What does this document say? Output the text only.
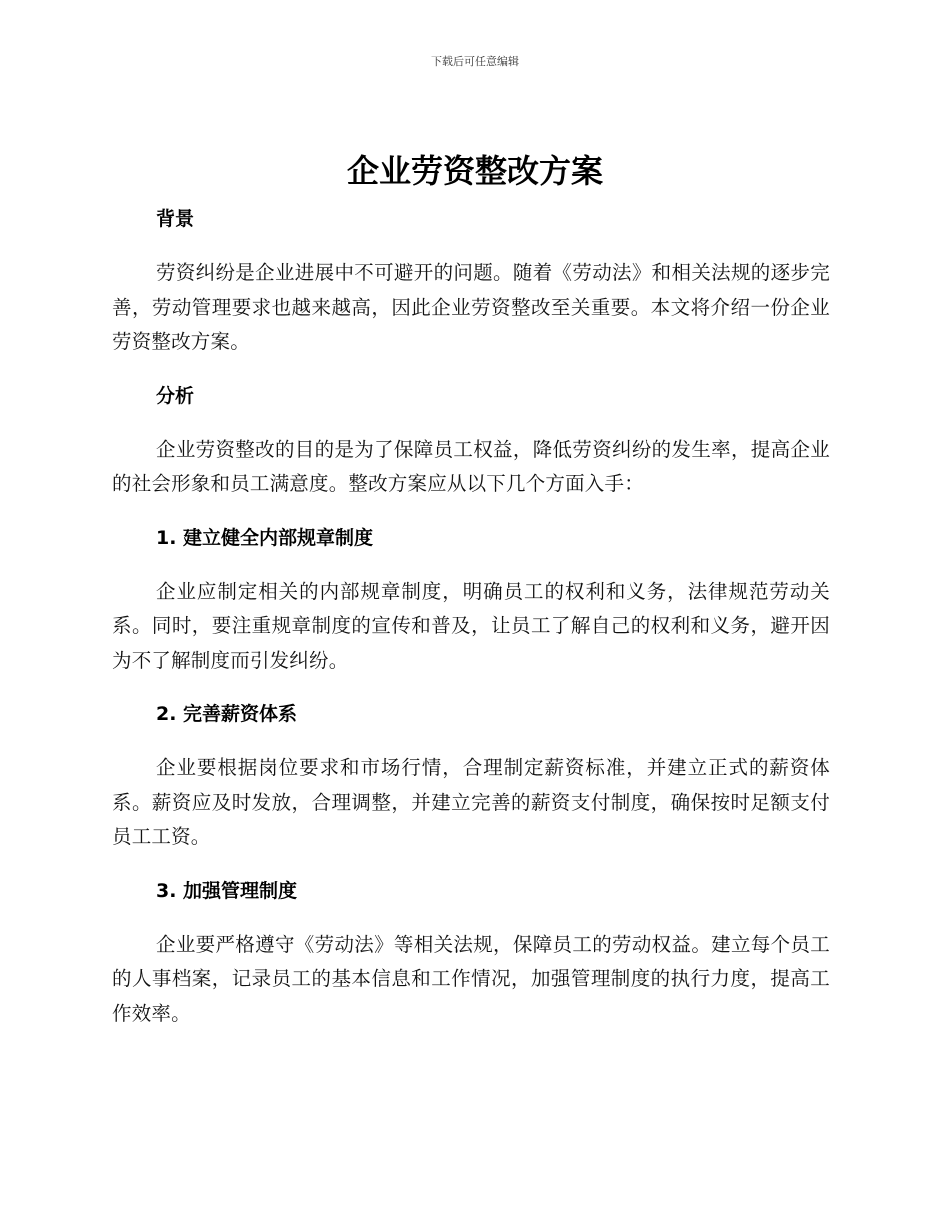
下载后可任意编辑
企业劳资整改方案
背景

劳资纠纷是企业进展中不可避开的问题。随着《劳动法》和相关法规的逐步完善，劳动管理要求也越来越高，因此企业劳资整改至关重要。本文将介绍一份企业劳资整改方案。

分析

企业劳资整改的目的是为了保障员工权益，降低劳资纠纷的发生率，提高企业的社会形象和员工满意度。整改方案应从以下几个方面入手：

1. 建立健全内部规章制度

企业应制定相关的内部规章制度，明确员工的权利和义务，法律规范劳动关系。同时，要注重规章制度的宣传和普及，让员工了解自己的权利和义务，避开因为不了解制度而引发纠纷。

2. 完善薪资体系

企业要根据岗位要求和市场行情，合理制定薪资标准，并建立正式的薪资体系。薪资应及时发放，合理调整，并建立完善的薪资支付制度，确保按时足额支付员工工资。

3. 加强管理制度

企业要严格遵守《劳动法》等相关法规，保障员工的劳动权益。建立每个员工的人事档案，记录员工的基本信息和工作情况，加强管理制度的执行力度，提高工作效率。
